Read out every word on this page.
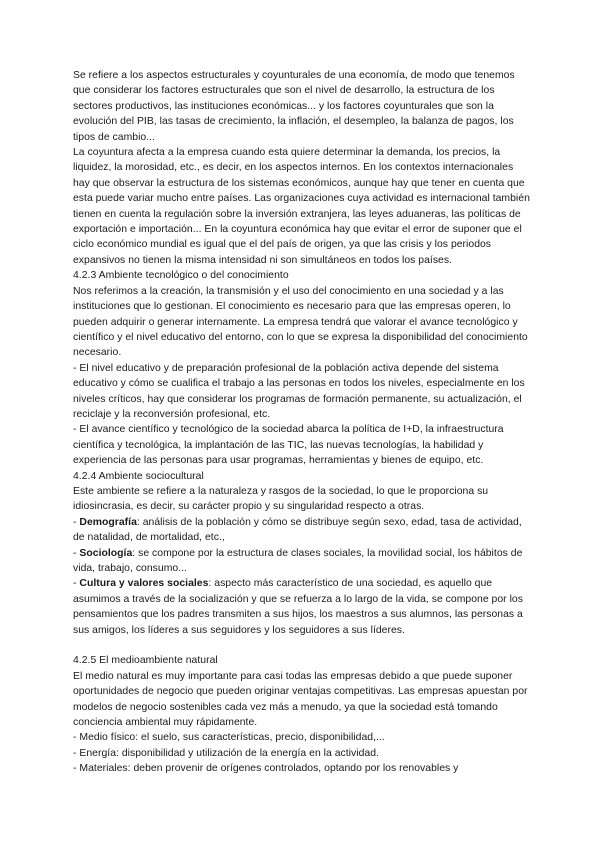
Se refiere a los aspectos estructurales y coyunturales de una economía, de modo que tenemos que considerar los factores estructurales que son el nivel de desarrollo, la estructura de los sectores productivos, las instituciones económicas... y los factores coyunturales que son la evolución del PIB, las tasas de crecimiento, la inflación, el desempleo, la balanza de pagos, los tipos de cambio...

La coyuntura afecta a la empresa cuando esta quiere determinar la demanda, los precios, la liquidez, la morosidad, etc., es decir, en los aspectos internos. En los contextos internacionales hay que observar la estructura de los sistemas económicos, aunque hay que tener en cuenta que esta puede variar mucho entre países. Las organizaciones cuya actividad es internacional también tienen en cuenta la regulación sobre la inversión extranjera, las leyes aduaneras, las políticas de exportación e importación... En la coyuntura económica hay que evitar el error de suponer que el ciclo económico mundial es igual que el del país de origen, ya que las crisis y los periodos expansivos no tienen la misma intensidad ni son simultáneos en todos los países.

4.2.3 Ambiente tecnológico o del conocimiento

Nos referimos a la creación, la transmisión y el uso del conocimiento en una sociedad y a las instituciones que lo gestionan. El conocimiento es necesario para que las empresas operen, lo pueden adquirir o generar internamente. La empresa tendrá que valorar el avance tecnológico y científico y el nivel educativo del entorno, con lo que se expresa la disponibilidad del conocimiento necesario.

- El nivel educativo y de preparación profesional de la población activa depende del sistema educativo y cómo se cualifica el trabajo a las personas en todos los niveles, especialmente en los niveles críticos, hay que considerar los programas de formación permanente, su actualización, el reciclaje y la reconversión profesional, etc.

- El avance científico y tecnológico de la sociedad abarca la política de I+D, la infraestructura científica y tecnológica, la implantación de las TIC, las nuevas tecnologías, la habilidad y experiencia de las personas para usar programas, herramientas y bienes de equipo, etc.

4.2.4 Ambiente sociocultural

Este ambiente se refiere a la naturaleza y rasgos de la sociedad, lo que le proporciona su idiosincrasia, es decir, su carácter propio y su singularidad respecto a otras.

- Demografía: análisis de la población y cómo se distribuye según sexo, edad, tasa de actividad, de natalidad, de mortalidad, etc.,

- Sociología: se compone por la estructura de clases sociales, la movilidad social, los hábitos de vida, trabajo, consumo...

- Cultura y valores sociales: aspecto más característico de una sociedad, es aquello que asumimos a través de la socialización y que se refuerza a lo largo de la vida, se compone por los pensamientos que los padres transmiten a sus hijos, los maestros a sus alumnos, las personas a sus amigos, los líderes a sus seguidores y los seguidores a sus líderes.

4.2.5 El medioambiente natural

El medio natural es muy importante para casi todas las empresas debido a que puede suponer oportunidades de negocio que pueden originar ventajas competitivas. Las empresas apuestan por modelos de negocio sostenibles cada vez más a menudo, ya que la sociedad está tomando conciencia ambiental muy rápidamente.

- Medio físico: el suelo, sus características, precio, disponibilidad,...

- Energía: disponibilidad y utilización de la energía en la actividad.

- Materiales: deben provenir de orígenes controlados, optando por los renovables y
